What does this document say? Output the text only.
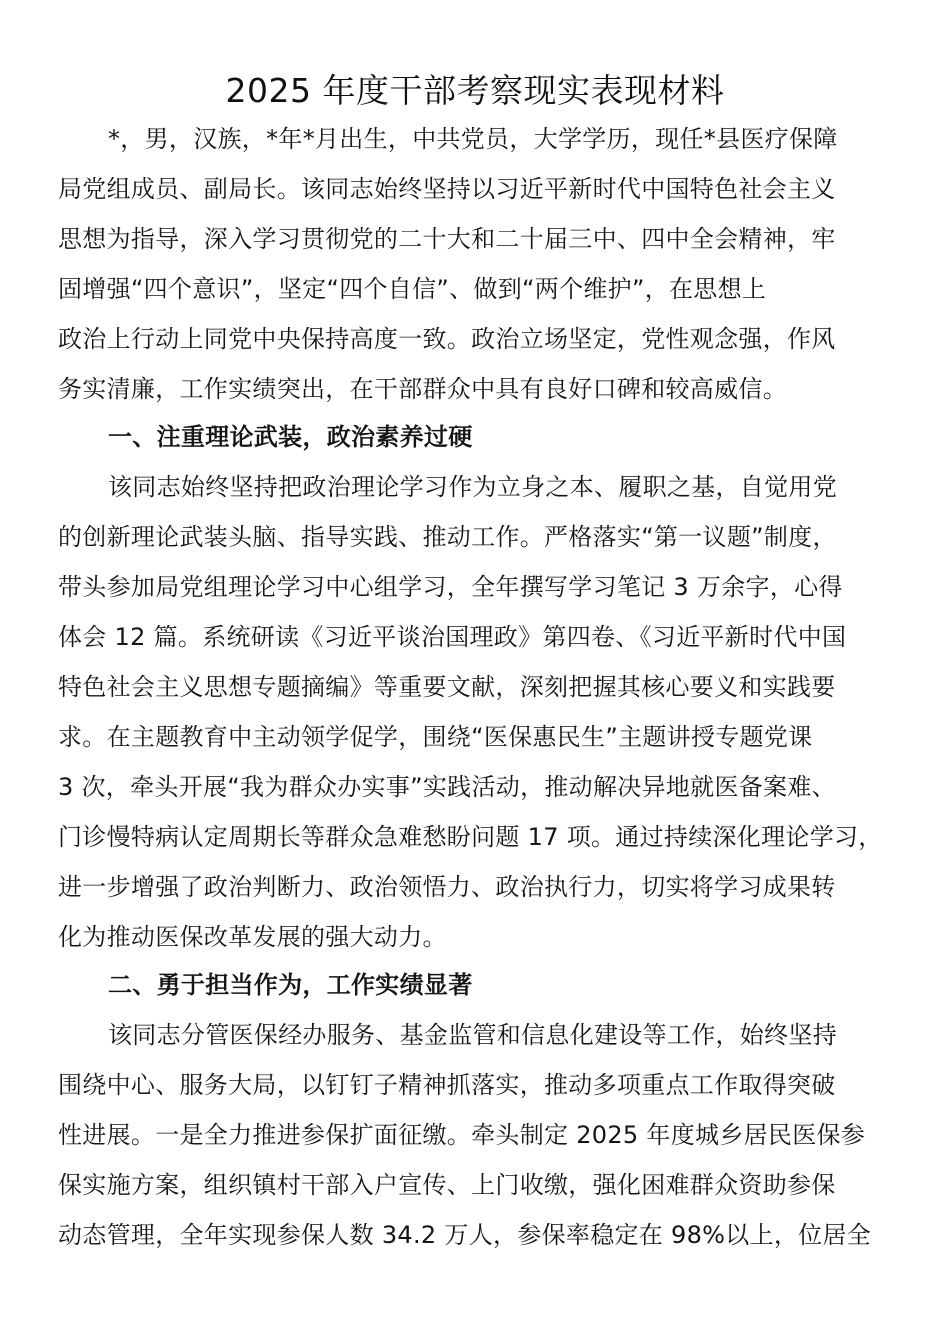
2025 年度干部考察现实表现材料
*，男，汉族，*年*月出生，中共党员，大学学历，现任*县医疗保障
局党组成员、副局长。该同志始终坚持以习近平新时代中国特色社会主义
思想为指导，深入学习贯彻党的二十大和二十届三中、四中全会精神，牢
固增强“四个意识”，坚定“四个自信”、做到“两个维护”，在思想上
政治上行动上同党中央保持高度一致。政治立场坚定，党性观念强，作风
务实清廉，工作实绩突出，在干部群众中具有良好口碑和较高威信。
一、注重理论武装，政治素养过硬
该同志始终坚持把政治理论学习作为立身之本、履职之基，自觉用党
的创新理论武装头脑、指导实践、推动工作。严格落实“第一议题”制度，
带头参加局党组理论学习中心组学习，全年撰写学习笔记 3 万余字，心得
体会 12 篇。系统研读《习近平谈治国理政》第四卷、《习近平新时代中国
特色社会主义思想专题摘编》等重要文献，深刻把握其核心要义和实践要
求。在主题教育中主动领学促学，围绕“医保惠民生”主题讲授专题党课
3 次，牵头开展“我为群众办实事”实践活动，推动解决异地就医备案难、
门诊慢特病认定周期长等群众急难愁盼问题 17 项。通过持续深化理论学习，
进一步增强了政治判断力、政治领悟力、政治执行力，切实将学习成果转
化为推动医保改革发展的强大动力。
二、勇于担当作为，工作实绩显著
该同志分管医保经办服务、基金监管和信息化建设等工作，始终坚持
围绕中心、服务大局，以钉钉子精神抓落实，推动多项重点工作取得突破
性进展。一是全力推进参保扩面征缴。牵头制定 2025 年度城乡居民医保参
保实施方案，组织镇村干部入户宣传、上门收缴，强化困难群众资助参保
动态管理，全年实现参保人数 34.2 万人，参保率稳定在 98%以上，位居全
